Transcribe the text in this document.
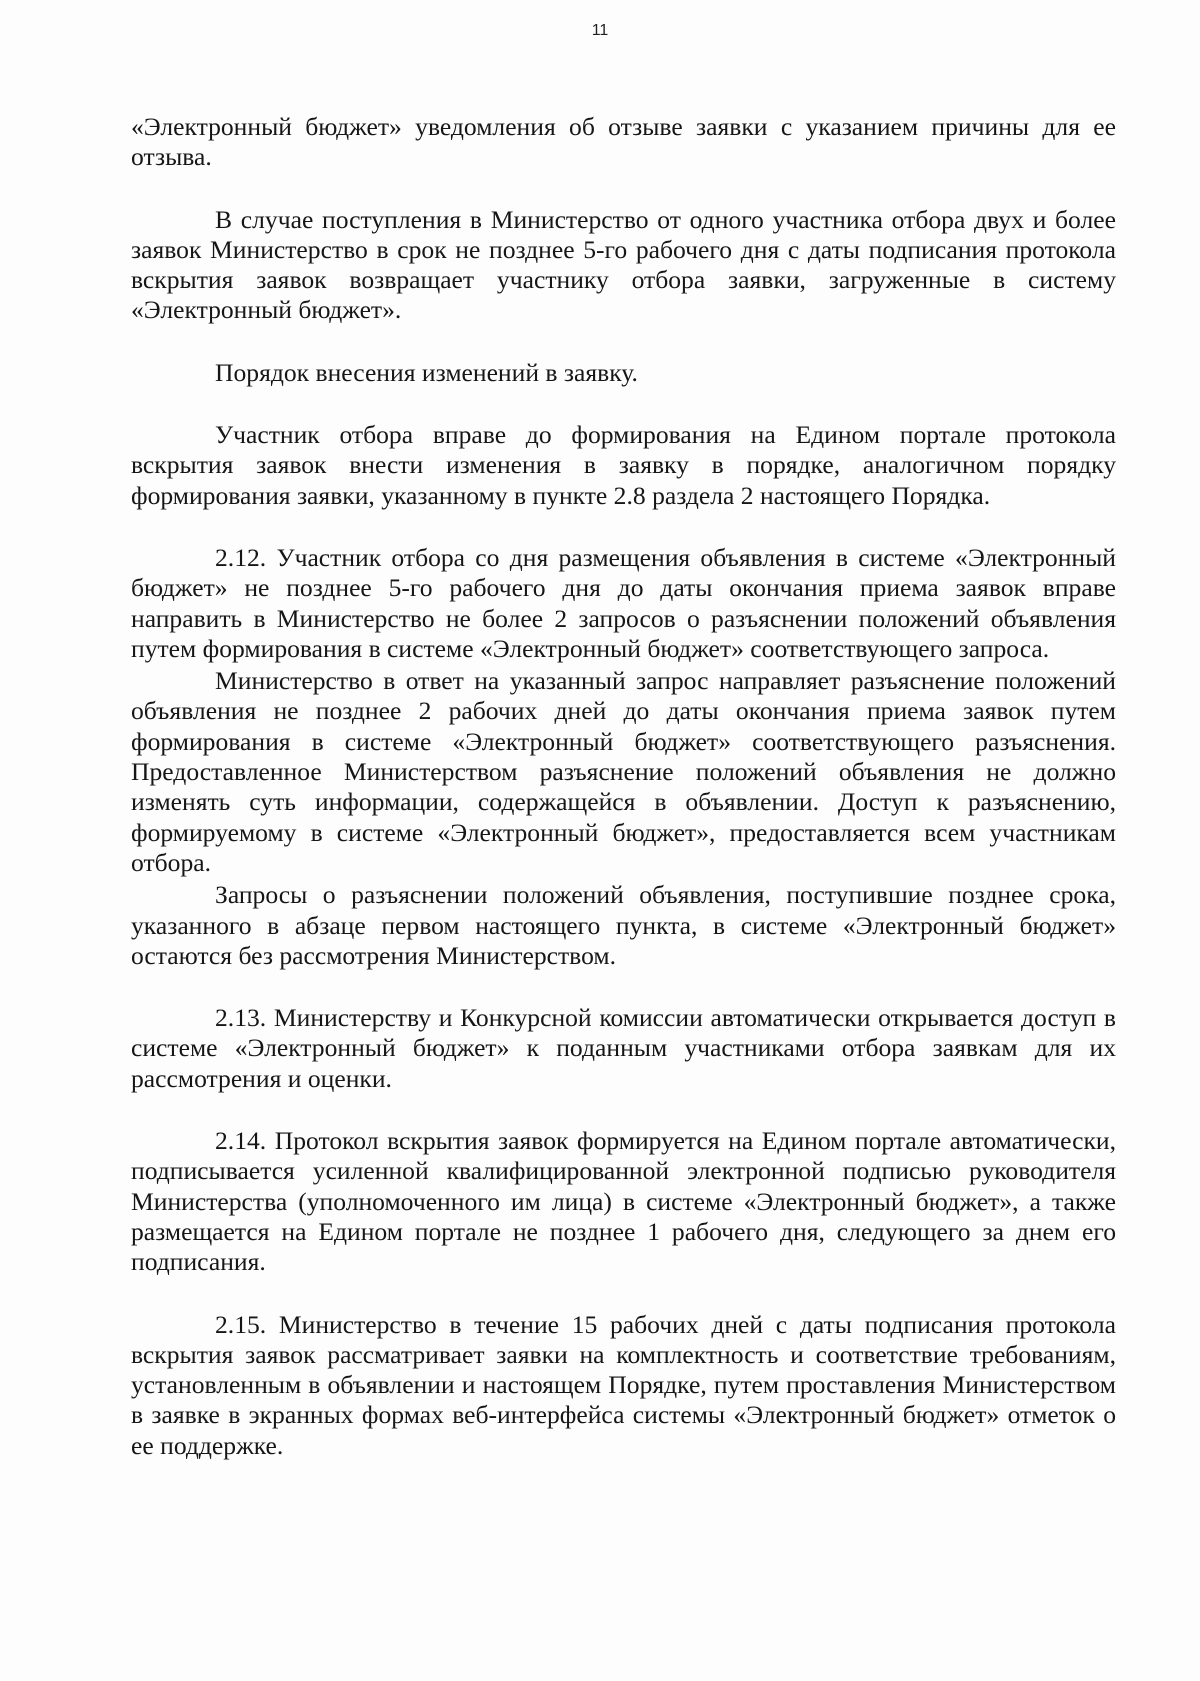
11

«Электронный бюджет» уведомления об отзыве заявки с указанием причины для ее отзыва.

В случае поступления в Министерство от одного участника отбора двух и более заявок Министерство в срок не позднее 5-го рабочего дня с даты подписания протокола вскрытия заявок возвращает участнику отбора заявки, загруженные в систему «Электронный бюджет».

Порядок внесения изменений в заявку.

Участник отбора вправе до формирования на Едином портале протокола вскрытия заявок внести изменения в заявку в порядке, аналогичном порядку формирования заявки, указанному в пункте 2.8 раздела 2 настоящего Порядка.

2.12. Участник отбора со дня размещения объявления в системе «Электронный бюджет» не позднее 5-го рабочего дня до даты окончания приема заявок вправе направить в Министерство не более 2 запросов о разъяснении положений объявления путем формирования в системе «Электронный бюджет» соответствующего запроса.

Министерство в ответ на указанный запрос направляет разъяснение положений объявления не позднее 2 рабочих дней до даты окончания приема заявок путем формирования в системе «Электронный бюджет» соответствующего разъяснения. Предоставленное Министерством разъяснение положений объявления не должно изменять суть информации, содержащейся в объявлении. Доступ к разъяснению, формируемому в системе «Электронный бюджет», предоставляется всем участникам отбора.

Запросы о разъяснении положений объявления, поступившие позднее срока, указанного в абзаце первом настоящего пункта, в системе «Электронный бюджет» остаются без рассмотрения Министерством.

2.13. Министерству и Конкурсной комиссии автоматически открывается доступ в системе «Электронный бюджет» к поданным участниками отбора заявкам для их рассмотрения и оценки.

2.14. Протокол вскрытия заявок формируется на Едином портале автоматически, подписывается усиленной квалифицированной электронной подписью руководителя Министерства (уполномоченного им лица) в системе «Электронный бюджет», а также размещается на Едином портале не позднее 1 рабочего дня, следующего за днем его подписания.

2.15. Министерство в течение 15 рабочих дней с даты подписания протокола вскрытия заявок рассматривает заявки на комплектность и соответствие требованиям, установленным в объявлении и настоящем Порядке, путем проставления Министерством в заявке в экранных формах веб-интерфейса системы «Электронный бюджет» отметок о ее поддержке.
